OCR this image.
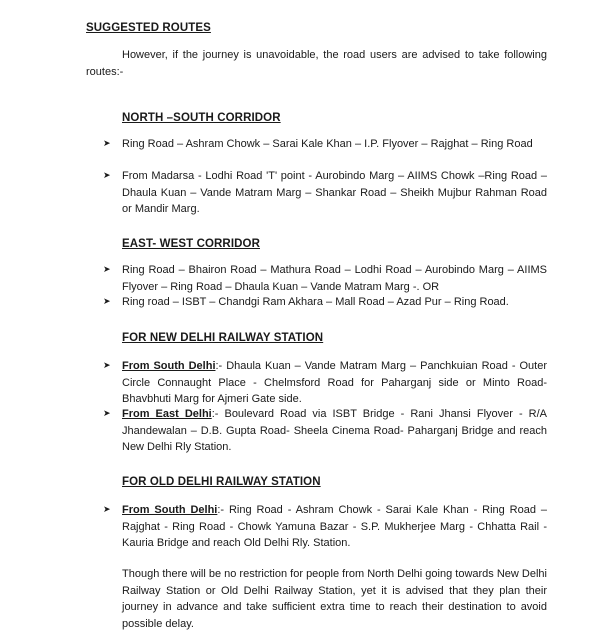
SUGGESTED ROUTES
However, if the journey is unavoidable, the road users are advised to take following routes:-
NORTH –SOUTH CORRIDOR
➤	Ring Road – Ashram Chowk – Sarai Kale Khan – I.P. Flyover – Rajghat – Ring Road
➤	From Madarsa - Lodhi Road 'T' point - Aurobindo Marg – AIIMS Chowk –Ring Road – Dhaula Kuan – Vande Matram Marg – Shankar Road – Sheikh Mujbur Rahman Road or Mandir Marg.
EAST- WEST CORRIDOR
➤	Ring Road – Bhairon Road – Mathura Road – Lodhi Road – Aurobindo Marg – AIIMS Flyover – Ring Road – Dhaula Kuan – Vande Matram Marg -. OR
➤	Ring road – ISBT – Chandgi Ram Akhara – Mall Road – Azad Pur – Ring Road.
FOR NEW DELHI RAILWAY STATION
➤	From South Delhi:- Dhaula Kuan – Vande Matram Marg – Panchkuian Road - Outer Circle Connaught Place - Chelmsford Road for Paharganj side or Minto Road- Bhavbhuti Marg for Ajmeri Gate side.
➤	From East Delhi:- Boulevard Road via ISBT Bridge - Rani Jhansi Flyover - R/A Jhandewalan – D.B. Gupta Road- Sheela Cinema Road- Paharganj Bridge and reach New Delhi Rly Station.
FOR OLD DELHI RAILWAY STATION
➤	From South Delhi:- Ring Road - Ashram Chowk - Sarai Kale Khan - Ring Road – Rajghat - Ring Road - Chowk Yamuna Bazar - S.P. Mukherjee Marg - Chhatta Rail - Kauria Bridge and reach Old Delhi Rly. Station.
Though there will be no restriction for people from North Delhi going towards New Delhi Railway Station or Old Delhi Railway Station, yet it is advised that they plan their journey in advance and take sufficient extra time to reach their destination to avoid possible delay.
